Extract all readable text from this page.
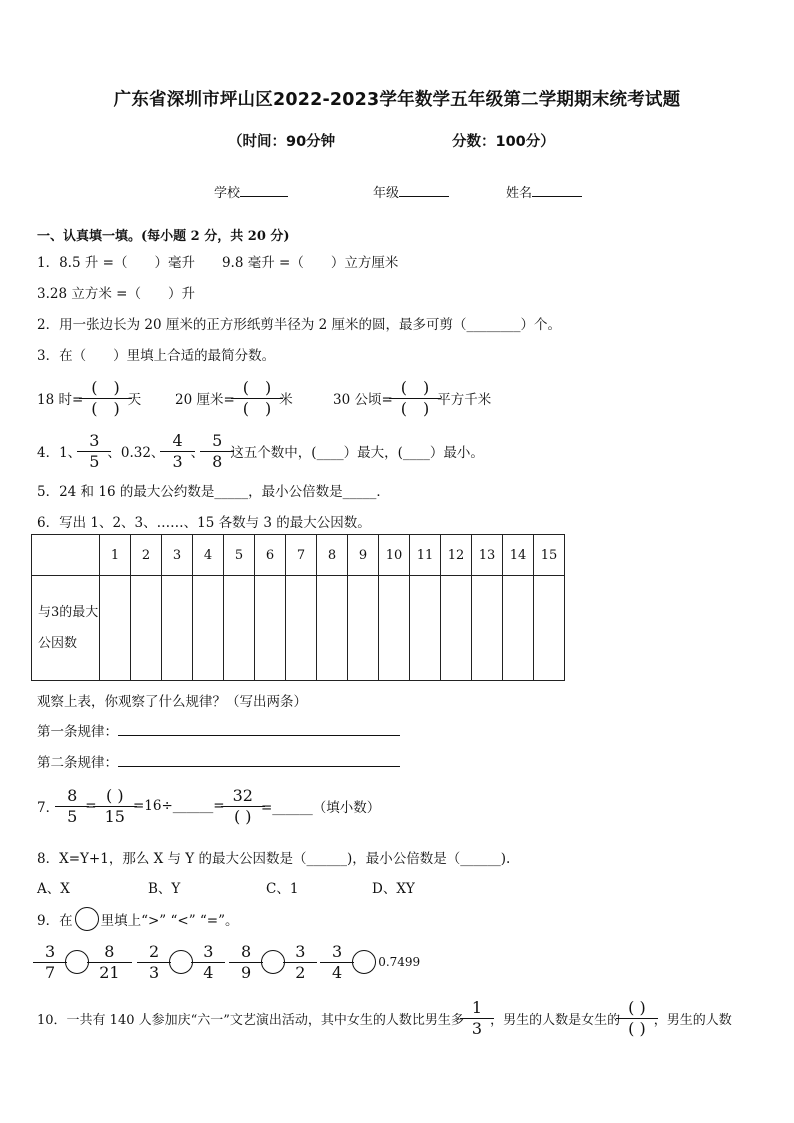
广东省深圳市坪山区2022-2023学年数学五年级第二学期期末统考试题
（时间：90分钟	分数：100分）
学校	年级	姓名
一、认真填一填。(每小题 2 分，共 20 分)
1．8.5 升 =（　　）毫升　　9.8 毫升 =（　　）立方厘米
3.28 立方米 =（　　）升
2．用一张边长为 20 厘米的正方形纸剪半径为 2 厘米的圆，最多可剪（________）个。
3．在（　　）里填上合适的最简分数。
18 时= $\frac{( )}{( )}$ 天 20 厘米= $\frac{( )}{( )}$ 米	30 公顷= $\frac{( )}{( )}$ 平方千米
4．1、 $\frac{3}{5}$ 、0.32、 $\frac{4}{3}$ 、 $\frac{5}{8}$ 这五个数中，(____）最大，(____）最小。
5．24 和 16 的最大公约数是_____，最小公倍数是_____．
6．写出 1、2、3、……、15 各数与 3 的最大公因数。
	1	2	3	4	5	6	7	8	9	10	11	12	13	14	15
与3的最大公因数															
观察上表，你观察了什么规律？（写出两条）
第一条规律：
第二条规律：
7． $\frac{8}{5} = \frac{( )}{15}$ =16÷______= $\frac{32}{( )}$ =______（填小数）
8．X=Y+1，那么 X 与 Y 的最大公因数是（______)，最小公倍数是（______).
A、X	B、Y	C、1	D、XY
9．在 里填上“>” “<” “=”。
$\frac{3}{7}$	$\frac{8}{21}$	$\frac{2}{3}$	$\frac{3}{4} \frac{8}{9}$	$\frac{3}{2} \frac{3}{4}$	0.7499
10．一共有 140 人参加庆“六一”文艺演出活动，其中女生的人数比男生多 $\frac{1}{3}$ ，男生的人数是女生的 $\frac{( )}{( )}$ ，男生的人数
